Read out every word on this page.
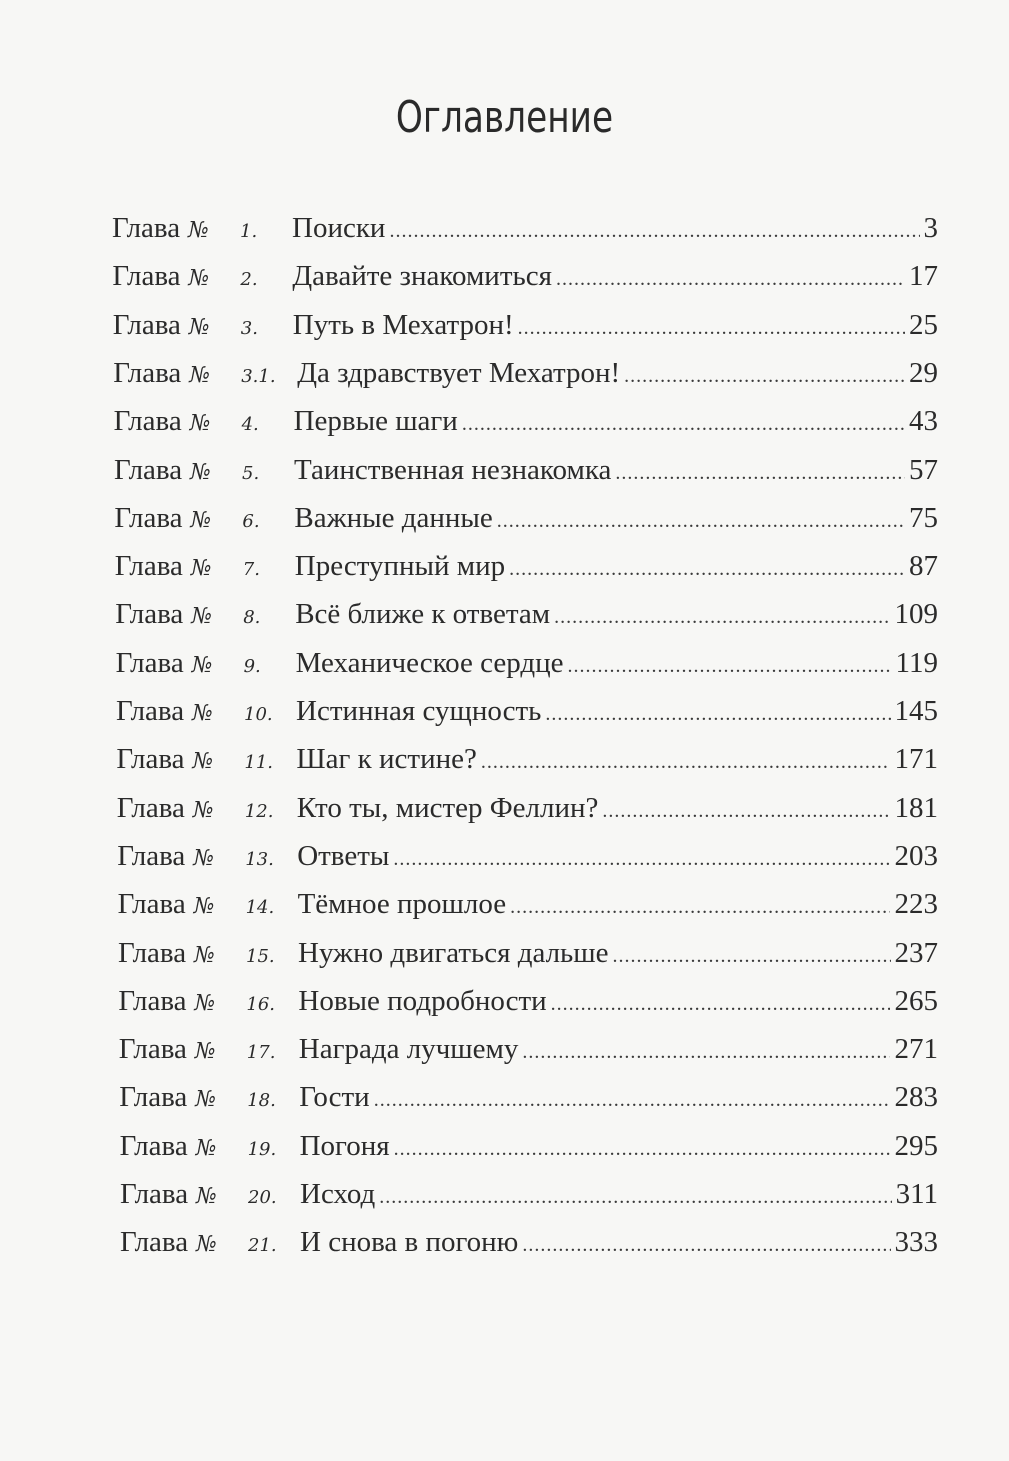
Оглавление
Глава №	1.	Поиски .....	3
Глава №	2.	Давайте знакомиться .....	17
Глава №	3.	Путь в Мехатрон! .....	25
Глава №	3.1. Да здравствует Мехатрон! .....	29
Глава №	4.	Первые шаги .....	43
Глава №	5.	Таинственная незнакомка .....	57
Глава №	6.	Важные данные .....	75
Глава №	7.	Преступный мир .....	87
Глава №	8.	Всё ближе к ответам .....	109
Глава №	9.	Механическое сердце .....	119
Глава №	10. Истинная сущность .....	145
Глава №	11. Шаг к истине? .....	171
Глава №	12. Кто ты, мистер Феллин? .....	181
Глава №	13. Ответы .....	203
Глава №	14. Тёмное прошлое .....	223
Глава №	15. Нужно двигаться дальше .....	237
Глава №	16. Новые подробности .....	265
Глава №	17. Награда лучшему .....	271
Глава №	18. Гости .....	283
Глава №	19. Погоня .....	295
Глава №	20. Исход .....	311
Глава №	21. И снова в погоню .....	333
